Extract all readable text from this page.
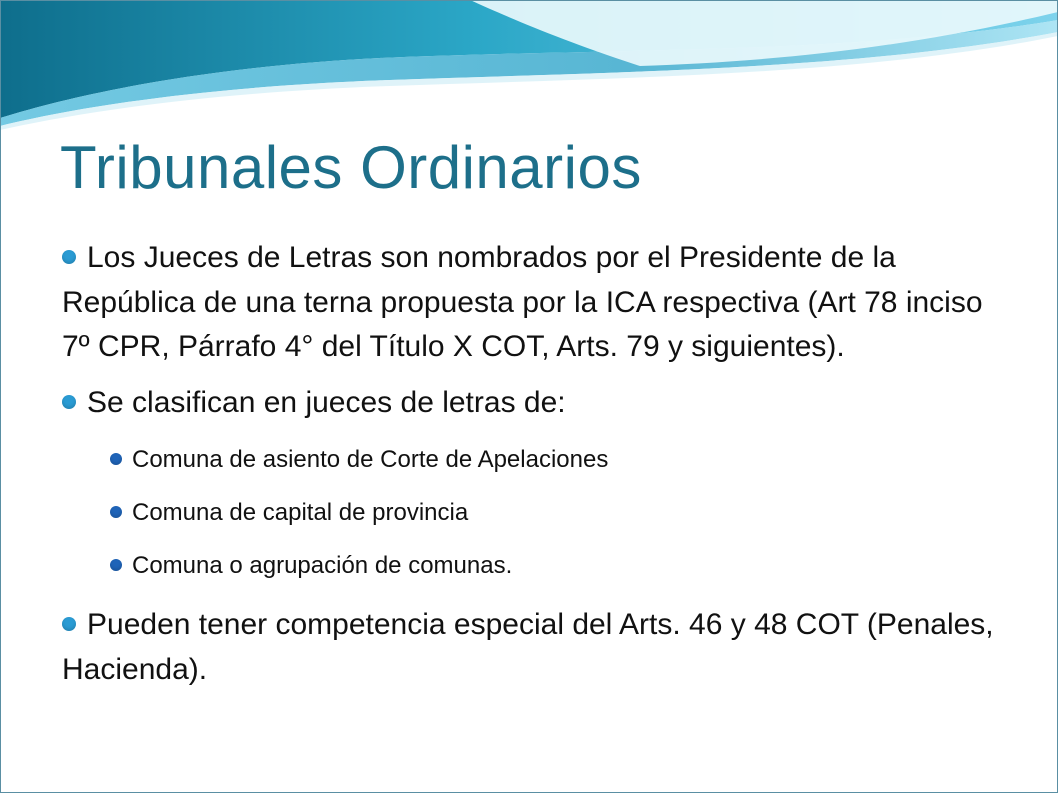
Tribunales Ordinarios

Los Jueces de Letras son nombrados por el Presidente de la República de una terna propuesta por la ICA respectiva (Art 78 inciso 7º CPR, Párrafo 4° del Título X COT, Arts. 79 y siguientes).

Se clasifican en jueces de letras de:

Comuna de asiento de Corte de Apelaciones

Comuna de capital de provincia

Comuna o agrupación de comunas.

Pueden tener competencia especial del Arts. 46 y 48 COT (Penales, Hacienda).
